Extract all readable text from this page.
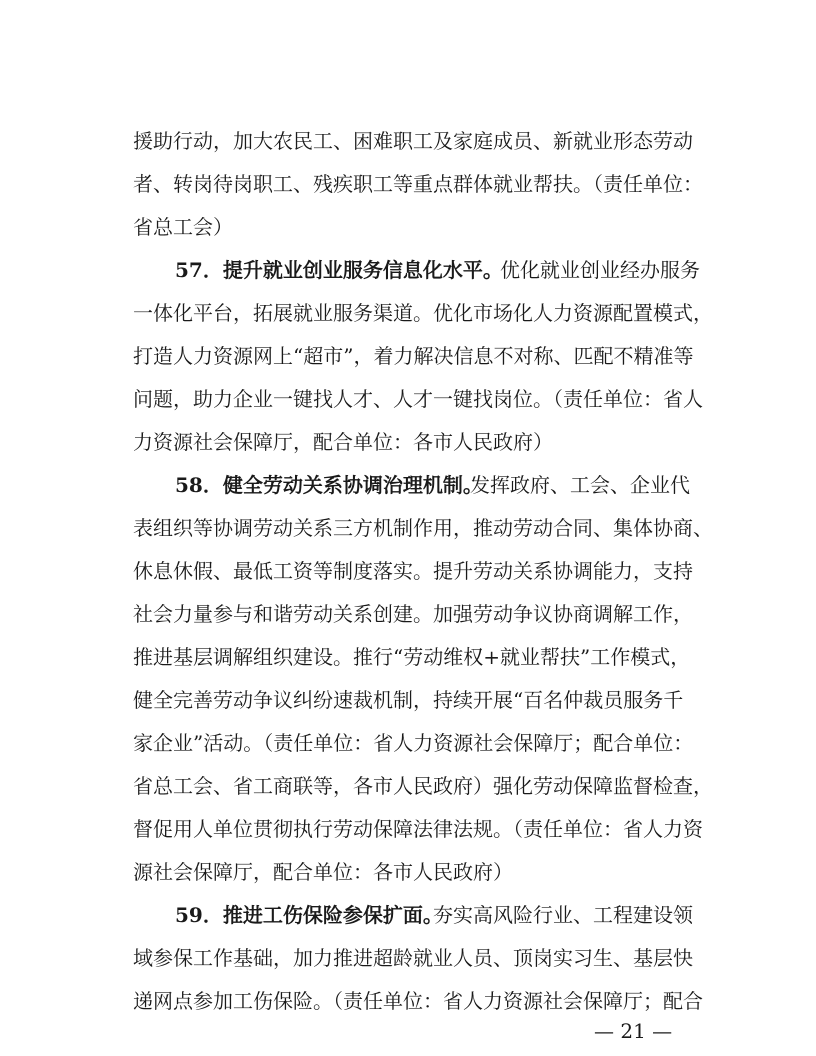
援助行动，加大农民工、困难职工及家庭成员、新就业形态劳动
者、转岗待岗职工、残疾职工等重点群体就业帮扶。（责任单位：
省总工会）
57．提升就业创业服务信息化水平。
优化就业创业经办服务
一体化平台，拓展就业服务渠道。优化市场化人力资源配置模式，
打造人力资源网上“超市”，着力解决信息不对称、匹配不精准等
问题，助力企业一键找人才、人才一键找岗位。（责任单位：省人
力资源社会保障厅，配合单位：各市人民政府）
58．健全劳动关系协调治理机制。
发挥政府、工会、企业代
表组织等协调劳动关系三方机制作用，推动劳动合同、集体协商、
休息休假、最低工资等制度落实。提升劳动关系协调能力，支持
社会力量参与和谐劳动关系创建。加强劳动争议协商调解工作，
推进基层调解组织建设。推行“劳动维权+就业帮扶”工作模式，
健全完善劳动争议纠纷速裁机制，持续开展“百名仲裁员服务千
家企业”活动。（责任单位：省人力资源社会保障厅；配合单位：
省总工会、省工商联等，各市人民政府）强化劳动保障监督检查，
督促用人单位贯彻执行劳动保障法律法规。（责任单位：省人力资
源社会保障厅，配合单位：各市人民政府）
59．推进工伤保险参保扩面。
夯实高风险行业、工程建设领
域参保工作基础，加力推进超龄就业人员、顶岗实习生、基层快
递网点参加工伤保险。（责任单位：省人力资源社会保障厅；配合
— 21 —
